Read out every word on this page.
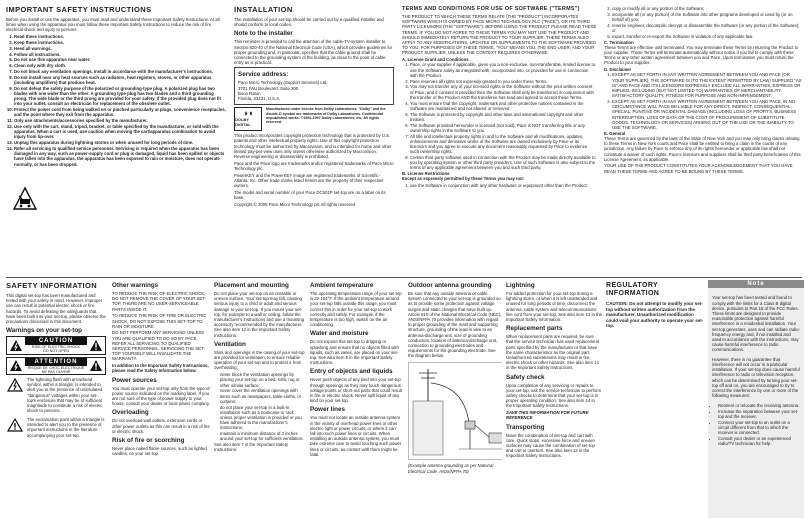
IMPORTANT SAFETY INSTRUCTIONS

Before you install or use the apparatus, you must read and understand these Important Safety Instructions. At all times when using the apparatus you must follow these Important Safety Instructions to reduce the risk of fire, electrical shock and injury to persons.

1. Read these instructions.
2. Keep these instructions.
3. Heed all warnings.
4. Follow all instructions.
5. Do not use this apparatus near water.
6. Clean only with dry cloth.
7. Do not block any ventilation openings. Install in accordance with the manufacturer's instructions.
8. Do not install near any heat sources such as radiators, heat registers, stoves, or other apparatus (including amplifiers) that produce heat.
9. Do not defeat the safety purpose of the polarized or grounding-type plug. A polarized plug has two blades with one wider than the other. A grounding type plug has two blades and a third grounding prong. The wide blade or the third prong are provided for your safety. If the provided plug does not fit into your outlet, consult an electrician for replacement of the obsolete outlet.
10. Protect the power cord from being walked on or pinched particularly at plugs, convenience receptacles, and the point where they exit from the apparatus.
11. Only use attachments/accessories specified by the manufacturer.
12. Use only with the cart, stand, tripod, bracket, or table specified by the manufacturer, or sold with the apparatus. When a cart is used, use caution when moving the cart/apparatus combination to avoid injury from tip-over.
13. Unplug this apparatus during lightning storms or when unused for long periods of time.
14. Refer all servicing to qualified service personnel. Servicing is required when the apparatus has been damaged in any way, such as power-supply cord or plug is damaged, liquid has been spilled or objects have fallen into the apparatus, the apparatus has been exposed to rain or moisture, does not operate normally, or has been dropped.
INSTALLATION

The installation of your set-top should be carried out by a qualified installer and should conform to local codes.

Note to the installer

This reminder is provided to call the attention of the cable-TV-system installer to Section 820-40 of the National Electrical Code (USA), which provides guidelines for proper grounding and, in particular, specifies that the cable ground shall be connected to the grounding system of the building, as close to the point of cable entry as is practical.

Service address:
Pace Micro Technology (Support Services) Ltd.
3701 FAU Boulevard, Suite 200
Boca Raton
Florida, 33431, U.S.A.
◗◖
DOLBY DIGITAL

Manufactured under license from Dolby Laboratories. "Dolby" and the double-D symbol are trademarks of Dolby Laboratories. Confidential unpublished works. ©1992-1997 Dolby Laboratories, Inc. All rights reserved.

This product incorporates copyright protection technology that is protected by U.S. patents and other intellectual property rights. Use of this copyright protection technology must be authorized by Macrovision, and is intended for home and other limited pay-per-view uses only unless otherwise authorized by Macrovision. Reverse engineering or disassembly is prohibited.

Pace and the Pace logo are trademarks and/or registered trademarks of Pace Micro Technology plc.

PowerKEY and the PowerKEY image are registered trademarks of Scientific-Atlanta, Inc. Other trade marks listed herein are the property of their respective owners.

The model and serial number of your Pace DC501P set-top are on a label on its base.

Copyright © 2005 Pace Micro Technology plc All rights reserved

TERMS AND CONDITIONS FOR USE OF SOFTWARE ("TERMS")

THE PRODUCT TO WHICH THESE TERMS RELATE (THE "PRODUCT") INCORPORATES SOFTWARE WHICH IS OWNED BY PACE MICRO TECHNOLOGY PLC ("PACE"), OR ITS THIRD PARTY LICENSORS (THE "SOFTWARE"). BEFORE USING THE PRODUCT PLEASE READ THESE TERMS. IF YOU DO NOT AGREE TO THESE TERMS YOU MAY NOT USE THE PRODUCT AND SHOULD IMMEDIATELY RETURN THE PRODUCT TO YOUR SUPPLIER. THESE TERMS ALSO APPLY TO ANY MODIFICATIONS, UPDATES OR SUPPLEMENTS TO THE SOFTWARE PROVIDED TO YOU. FOR PURPOSES OF THESE TERMS, "YOU" MEANS YOU, THE END USER, AND YOUR PRODUCT SUPPLIER, UNLESS THE CONTEXT REQUIRES OTHERWISE.

A. License Grant and Conditions
1. Pace, or your supplier if applicable, gives you a non-exclusive, non-transferable, limited license to use the Software solely as integrated with, incorporated into, or provided for use in connection with the Product.
2. Pace reserves all rights not expressly granted to you under these Terms.
3. You may not transfer any of your licensed rights in the Software without the prior written consent of Pace, and if consent is provided then the Software shall only be transferred in conjunction with the transfer of the Product AND the transferee has read and agreed to accept these Terms.
4. You must ensure that the copyright, trademark and other protective notices contained in the Software are maintained and not altered or removed.
5. The Software is protected by copyright and other laws and international copyright and other treaties.
6. The Software provided hereunder is licensed (not sold). Pace is NOT transferring title or any ownership rights in the Software to you.
7. All title and intellectual property rights in and to the Software and all modifications, updates, enhancements and derivative works of the Software are owned exclusively by Pace or its licensors and you agree to execute any document reasonably requested by Pace to evidence such ownership rights.
8. Certain third party software used in connection with the Product may be made directly available to you by operating system or other third party providers. Use of such Software is also subject to the terms of any applicable agreement between you and such third party.
B. License Restrictions

Except as expressly permitted by these Terms you may not:

1. use the Software in conjunction with any other hardware or equipment other than the Product;
2. copy or modify all or any portion of the Software;
3. incorporate all (or any portion) of the Software into other programs developed or used by (or on behalf of) you;
4. reverse engineer, decompile, decrypt or disassemble the Software (or any portion of the Software); or
5. export, transfer or re-export the Software in violation of any applicable law.
C. Termination

These Terms are effective until terminated. You may terminate these Terms by returning the Product to your supplier. These Terms will terminate automatically without notice if you fail to comply with these Terms or any other written agreement between you and Pace. Upon termination you must return the Product to your supplier.

D. Disclaimer
1. EXCEPT AS SET FORTH IN ANY WRITTEN AGREEMENT BETWEEN YOU AND PACE (OR YOUR SUPPLIER), THE SOFTWARE IS (TO THE EXTENT PERMITTED BY LAW) SUPPLIED "AS IS" AND PACE AND ITS LICENSORS EXPRESSLY EXCLUDE ALL WARRANTIES, EXPRESS OR IMPLIED, INCLUDING (BUT NOT LIMITED TO) WARRANTIES OF MERCHANTABILITY, SATISFACTORY QUALITY, FITNESS FOR PURPOSE AND NON-INFRINGEMENT.
2. EXCEPT AS SET FORTH IN ANY WRITTEN AGREEMENT BETWEEN YOU AND PACE, IN NO CIRCUMSTANCE WILL PACE BE LIABLE FOR ANY DIRECT, INDIRECT, CONSEQUENTIAL, SPECIAL, PUNITIVE OR INCIDENTAL DAMAGE (INCLUDING LOSS OF PROFITS, BUSINESS INTERRUPTION, LOSS OF DATA OR THE COST OF PROCUREMENT OF SUBSTITUTE GOODS, TECHNOLOGY OR SERVICES) ARISING OUT OF THE USE OR THE INABILITY TO USE THE SOFTWARE.
E. General

These Terms are governed by the laws of the State of New York and you may only bring claims relating to these Terms in New York courts and Pace shall be entitled to bring a claim in the courts of any jurisdiction. Any failure by Pace to enforce any of its rights hereunder or applicable law shall not constitute a waiver of such rights. Pace's licensors and suppliers shall be third party beneficiaries of this License Agreement, as applicable.

YOUR USE OF THE PRODUCT CONSTITUTES YOUR ACKNOWLEDGEMENT THAT YOU HAVE READ THESE TERMS AND AGREE TO BE BOUND BY THESE TERMS.

SAFETY INFORMATION

This digital set-top has been manufactured and tested with your safety in mind. However, improper use can result in potential electric shock or fire hazards. To avoid defeating the safeguards that have been built into your set-top, please observe the precautions discussed in this document.

Warnings on your set-top
CAUTION
RISK OF ELECTRIC SHOCK
DO NOT OPEN
ATTENTION
RISQUE DE CHOC ÉLECTRIQUE
NE PAS OUVRIR

The lightning flash with arrowhead symbol, within a triangle, is intended to alert you to the presence of uninsulated "dangerous" voltages within your set-top's enclosure that may be of sufficient magnitude to constitute a risk of electric shock to persons.

The exclamation point within a triangle is intended to alert you to the presence of important instructions in the literature accompanying your set-top.

Other warnings

TO REDUCE THE RISK OF ELECTRIC SHOCK, DO NOT REMOVE THE COVER OF YOUR SET-TOP. THERE ARE NO USER-SERVICEABLE PARTS INSIDE IT.

TO REDUCE THE RISK OF FIRE OR ELECTRIC SHOCK, DO NOT EXPOSE THIS SET-TOP TO RAIN OR MOISTURE.

DO NOT PERFORM ANY SERVICING UNLESS YOU ARE QUALIFIED TO DO SO BY PACE. REFER ALL SERVICING TO QUALIFIED SERVICE PERSONNEL. SERVICING THE SET-TOP YOURSELF WILL INVALIDATE THE WARRANTY.

In addition to the Important Safety Instructions, please read the Safety Information below.

Power sources

You must operate your set-top only from the type of power source indicated on the marking label. If you are not sure of the type of power supply to your house, consult your dealer or local power company.

Overloading

Do not overload wall outlets, extension cords or other power outlets as this can result in a risk of fire or electric shock.

Risk of fire or scorching

Never place naked flame sources, such as lighted candles, on your set-top.

Placement and mounting

Do not place your set-top on an unstable or uneven surface. Your set-top may fall, causing serious injury to a child or adult and serious damage to your set-top. If you mount your set-top, for example to a wall or ceiling, follow the manufacturer's instructions and use a mounting accessory recommended by the manufacturer. See also item 12 in the Important Safety Instructions.

Ventilation

Slots and openings in the casing of your set-top are provided for ventilation, to ensure reliable operation of your set-top and to protect it from overheating:

• never block the ventilation openings by placing your set-top on a bed, sofa, rug or other similar surface;
• never cover the ventilation openings with items such as newspapers, table-cloths, or curtains;
• do not place your set-top in a built-in installation such as a bookcase or rack unless proper ventilation is provided or you have adhered to the manufacturer's instructions;
• maintain a minimum distance of 3 inches around your set-top for sufficient ventilation.

See also item 7 in the Important Safety Instructions.

Ambient temperature

The operating temperature range of your set-top is 32-104°F. If the ambient temperature around your set-top falls outside this range, you must correct this in order for your set-top to work correctly and safely. For example, if the temperature is too high, switch on the air conditioning.

Water and moisture

Do not expose this set-top to dripping or splashing and ensure that no objects filled with liquids, such as vases, are placed on your set-top. See also item 5 in the Important Safety Instructions.

Entry of objects and liquids

Never push objects of any kind into your set-top through openings as they may touch dangerous voltage points or short-out parts that could result in fire or electric shock. Never spill liquid of any kind on your set-top.

Power lines

You must not locate an outside antenna system in the vicinity of overhead power lines or other electric light or power circuits, or where it can fall into such power lines or circuits. When installing an outside antenna system, you must take extreme care to avoid touching such power lines or circuits, as contact with them might be fatal.

Outdoor antenna grounding

Be sure that any outside antenna or cable system connected to your set-top is grounded so as to provide some protection against voltage surges and static charges that have built up. Article 810 of the National Electrical Code (NEC), ANSI/NFPA 70 provides information with regard to proper grounding of the mast and supporting structure, grounding of the lead-in wire to an antenna-discharge unit, size of grounding conductors, location of antenna-discharge unit, connection to grounding electrodes and requirements for the grounding electrode. See the diagram below.

(Example antenna grounding as per National Electrical Code, ANSI/NFPA 70)

Lightning

For added protection for your set-top during a lightning storm, or when it is left unattended and unused for long periods of time, disconnect the antenna, cable system and telecommunications line cord from your set-top. See also item 13 in the Important Safety Information.

Replacement parts

When replacement parts are required, be sure that the service technician has used replacement parts specified by the manufacturer or that have the same characteristics as the original part. Unauthorized substitutions may result in fire, electric shock or other hazards. See also item 14 in the Important Safety Instructions.

Safety check

Upon completion of any servicing or repairs to your set-top, ask the service technician to perform safety checks to determine that your set-top is in proper operating condition. See also item 14 in the Important Safety Instructions.

SAVE THIS INFORMATION FOR FUTURE REFERENCE

Transporting

Move the combination of set-top and cart with care. Quick stops, excessive force and uneven surfaces may cause the combination of set-top and cart to overturn. See also item 12 in the Important Safety Instructions.

REGULATORY INFORMATION

CAUTION: Do not attempt to modify your set-top without written authorization from the manufacturer. Unauthorized modification could void your authority to operate your set-top.

Note

Your set-top has been tested and found to comply with the limits for a Class B digital device, pursuant to Part 15 of the FCC Rules. These limits are designed to provide reasonable protection against harmful interference in a residential installation. Your set-top generates, uses and can radiate radio-frequency energy and, if not installed and used in accordance with the instructions, may cause harmful interference to radio communications.

However, there is no guarantee that interference will not occur in a particular installation. If your set-top does cause harmful interference to radio or television reception, which can be determined by turning your set-top off and on, you are encouraged to try to correct the interference by one or more of the following measures:

• Reorient or relocate the receiving antenna.
• Increase the separation between your set-top and the receiver.
• Connect your set-top to an outlet on a circuit different from that to which the receiver is connected.
• Consult your dealer or an experienced radio/TV technician for help.
